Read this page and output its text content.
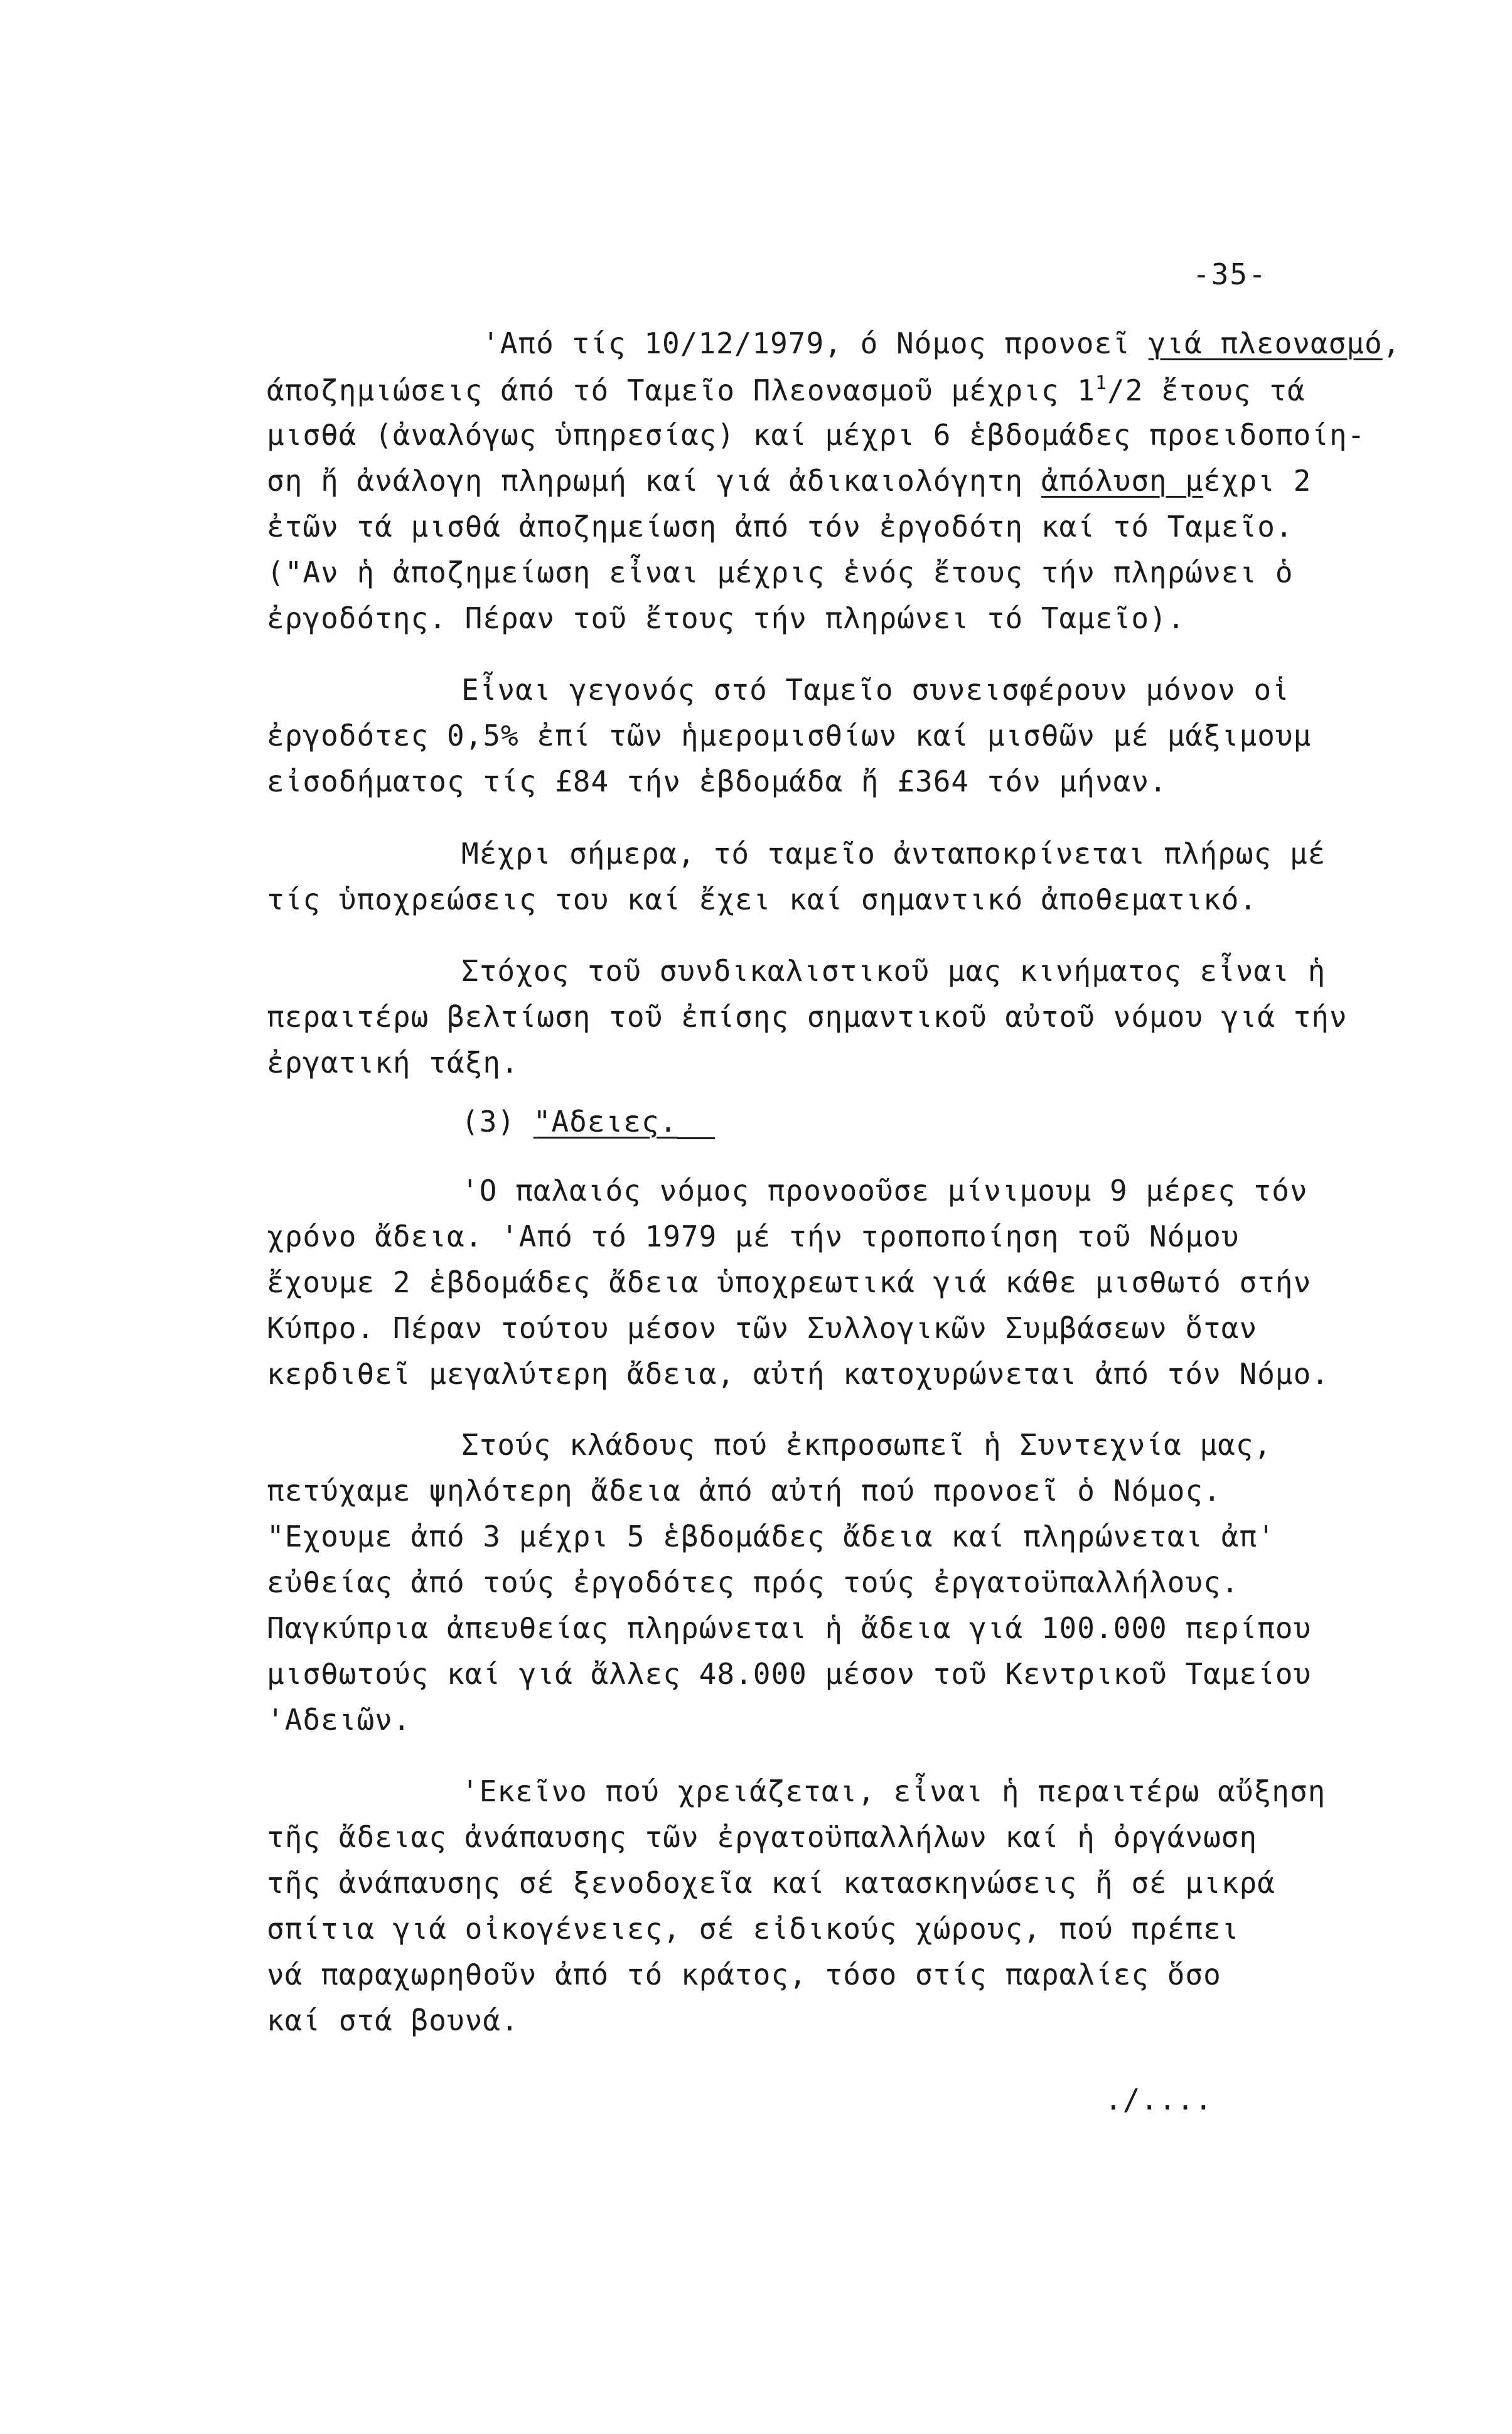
-35-
'Από τίς 10/12/1979, ό Νόμος προνοεῖ γιά πλεονασμό,
άποζημιώσεις άπό τό Ταμεῖο Πλεονασμοῦ μέχρις $1^1/2$ ἔτους τά
μισθά (ἀναλόγως ὑπηρεσίας) καί μέχρι 6 ἑβδομάδες προειδοποίη-
ση ἤ ἀνάλογη πληρωμή καί γιά ἀδικαιολόγητη ἀπόλυση μέχρι 2
ἐτῶν τά μισθά ἀποζημείωση ἀπό τόν ἐργοδότη καί τό Ταμεῖο.
("Αν ἡ ἀποζημείωση εἶναι μέχρις ἑνός ἔτους τήν πληρώνει ὁ
ἐργοδότης. Πέραν τοῦ ἔτους τήν πληρώνει τό Ταμεῖο).
Εἶναι γεγονός στό Ταμεῖο συνεισφέρουν μόνον οἱ
ἐργοδότες 0,5% ἐπί τῶν ἡμερομισθίων καί μισθῶν μέ μάξιμουμ
εἰσοδήματος τίς £84 τήν ἑβδομάδα ἤ £364 τόν μήναν.
Μέχρι σήμερα, τό ταμεῖο ἀνταποκρίνεται πλήρως μέ
τίς ὑποχρεώσεις του καί ἔχει καί σημαντικό ἀποθεματικό.
Στόχος τοῦ συνδικαλιστικοῦ μας κινήματος εἶναι ἡ
περαιτέρω βελτίωση τοῦ ἐπίσης σημαντικοῦ αὐτοῦ νόμου γιά τήν
ἐργατική τάξη.
(3) "Αδειες.
'Ο παλαιός νόμος προνοοῦσε μίνιμουμ 9 μέρες τόν
χρόνο ἄδεια. 'Από τό 1979 μέ τήν τροποποίηση τοῦ Νόμου
ἔχουμε 2 ἑβδομάδες ἄδεια ὑποχρεωτικά γιά κάθε μισθωτό στήν
Κύπρο. Πέραν τούτου μέσον τῶν Συλλογικῶν Συμβάσεων ὅταν
κερδιθεῖ μεγαλύτερη ἄδεια, αὐτή κατοχυρώνεται ἀπό τόν Νόμο.
Στούς κλάδους πού ἐκπροσωπεῖ ἡ Συντεχνία μας,
πετύχαμε ψηλότερη ἄδεια ἀπό αὐτή πού προνοεῖ ὁ Νόμος.
"Εχουμε ἀπό 3 μέχρι 5 ἑβδομάδες ἄδεια καί πληρώνεται ἀπ'
εὐθείας ἀπό τούς ἐργοδότες πρός τούς ἐργατοϋπαλλήλους.
Παγκύπρια ἀπευθείας πληρώνεται ἡ ἄδεια γιά 100.000 περίπου
μισθωτούς καί γιά ἄλλες 48.000 μέσον τοῦ Κεντρικοῦ Ταμείου
'Αδειῶν.
'Εκεῖνο πού χρειάζεται, εἶναι ἡ περαιτέρω αὔξηση
τῆς ἄδειας ἀνάπαυσης τῶν ἐργατοϋπαλλήλων καί ἡ ὀργάνωση
τῆς ἀνάπαυσης σέ ξενοδοχεῖα καί κατασκηνώσεις ἤ σέ μικρά
σπίτια γιά οἰκογένειες, σέ εἰδικούς χώρους, πού πρέπει
νά παραχωρηθοῦν ἀπό τό κράτος, τόσο στίς παραλίες ὅσο
καί στά βουνά.
./....
